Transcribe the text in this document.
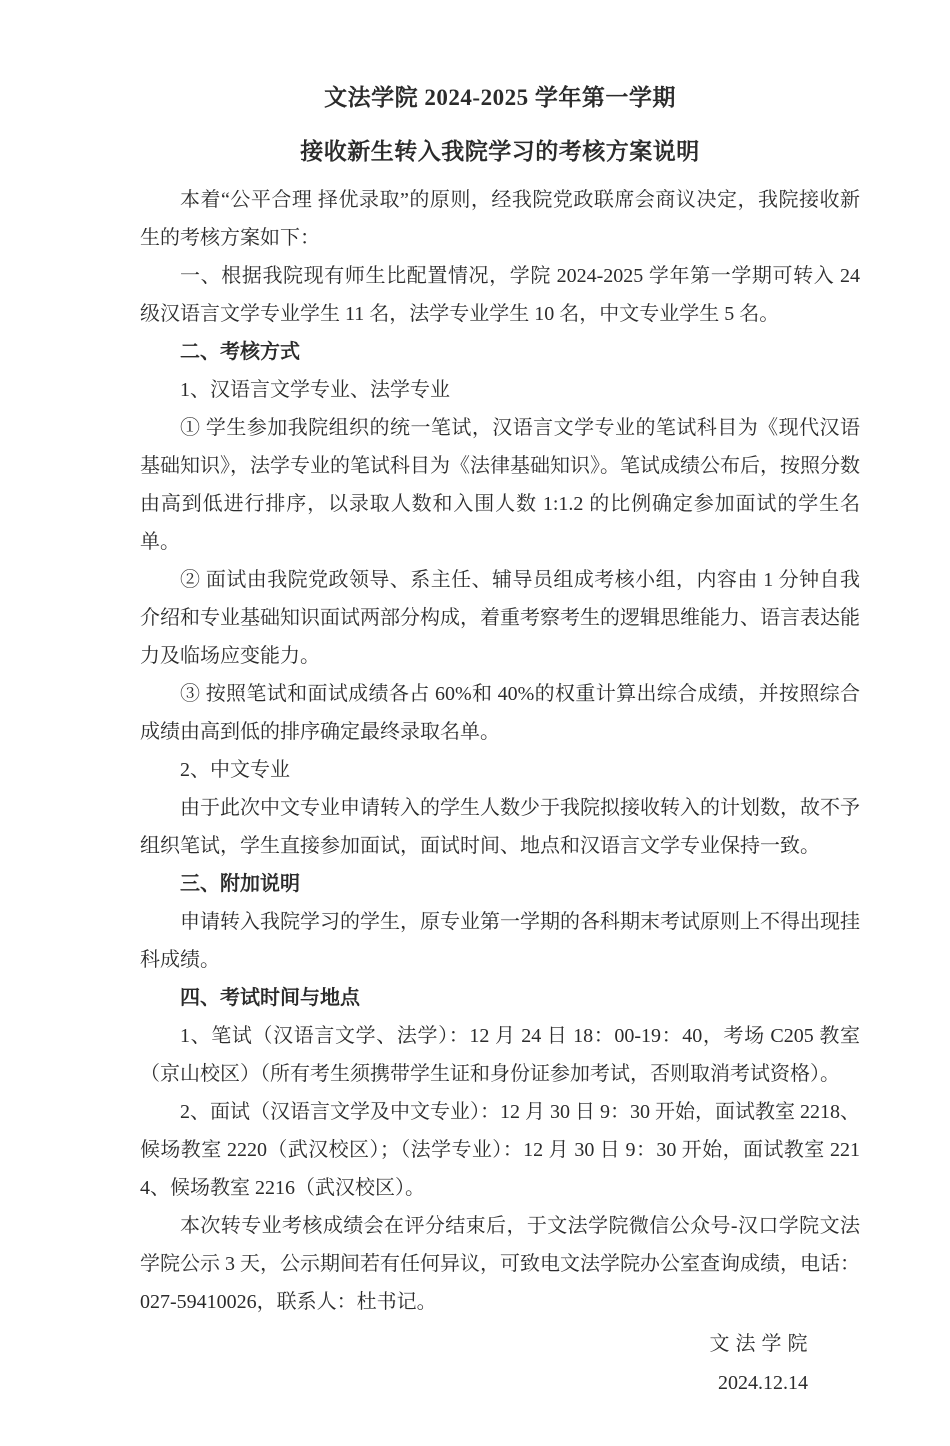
文法学院 2024-2025 学年第一学期
接收新生转入我院学习的考核方案说明

本着“公平合理 择优录取”的原则，经我院党政联席会商议决定，我院接收新生的考核方案如下：

一、根据我院现有师生比配置情况，学院 2024-2025 学年第一学期可转入 24 级汉语言文学专业学生 11 名，法学专业学生 10 名，中文专业学生 5 名。

二、考核方式

1、汉语言文学专业、法学专业

① 学生参加我院组织的统一笔试，汉语言文学专业的笔试科目为《现代汉语基础知识》，法学专业的笔试科目为《法律基础知识》。笔试成绩公布后，按照分数由高到低进行排序，以录取人数和入围人数 1:1.2 的比例确定参加面试的学生名单。

② 面试由我院党政领导、系主任、辅导员组成考核小组，内容由 1 分钟自我介绍和专业基础知识面试两部分构成，着重考察考生的逻辑思维能力、语言表达能力及临场应变能力。

③ 按照笔试和面试成绩各占 60%和 40%的权重计算出综合成绩，并按照综合成绩由高到低的排序确定最终录取名单。

2、中文专业

由于此次中文专业申请转入的学生人数少于我院拟接收转入的计划数，故不予组织笔试，学生直接参加面试，面试时间、地点和汉语言文学专业保持一致。

三、附加说明

申请转入我院学习的学生，原专业第一学期的各科期末考试原则上不得出现挂科成绩。

四、考试时间与地点

1、笔试（汉语言文学、法学）：12 月 24 日 18：00-19：40，考场 C205 教室（京山校区）（所有考生须携带学生证和身份证参加考试，否则取消考试资格）。

2、面试（汉语言文学及中文专业）：12 月 30 日 9：30 开始，面试教室 2218、候场教室 2220（武汉校区）；（法学专业）：12 月 30 日 9：30 开始，面试教室 2214、候场教室 2216（武汉校区）。

本次转专业考核成绩会在评分结束后，于文法学院微信公众号-汉口学院文法学院公示 3 天，公示期间若有任何异议，可致电文法学院办公室查询成绩，电话：027-59410026，联系人：杜书记。

文 法 学 院
2024.12.14
